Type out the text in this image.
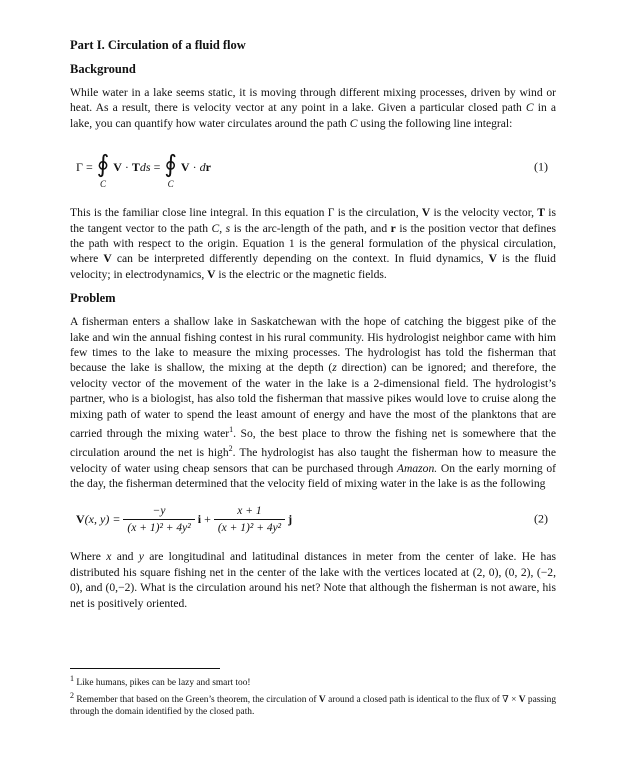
Part I. Circulation of a fluid flow
Background

While water in a lake seems static, it is moving through different mixing processes, driven by wind or heat. As a result, there is velocity vector at any point in a lake. Given a particular closed path C in a lake, you can quantify how water circulates around the path C using the following line integral:

Γ = ∮
C
V
·
T ds
= ∮
C
V
·
d r	(1)

This is the familiar close line integral. In this equation Γ is the circulation, V is the velocity vector, T is the tangent vector to the path C, s is the arc-length of the path, and r is the position vector that defines the path with respect to the origin. Equation 1 is the general formulation of the physical circulation, where V can be interpreted differently depending on the context. In fluid dynamics, V is the fluid velocity; in electrodynamics, V is the electric or the magnetic fields.

Problem

A fisherman enters a shallow lake in Saskatchewan with the hope of catching the biggest pike of the lake and win the annual fishing contest in his rural community. His hydrologist neighbor came with him few times to the lake to measure the mixing processes. The hydrologist has told the fisherman that because the lake is shallow, the mixing at the depth (z direction) can be ignored; and therefore, the velocity vector of the movement of the water in the lake is a 2-dimensional field. The hydrologist’s partner, who is a biologist, has also told the fisherman that massive pikes would love to cruise along the mixing path of water to spend the least amount of energy and have the most of the planktons that are carried through the mixing water$^1$. So, the best place to throw the fishing net is somewhere that the circulation around the net is high$^2$. The hydrologist has also taught the fisherman how to measure the velocity of water using cheap sensors that can be purchased through Amazon. On the early morning of the day, the fisherman determined that the velocity field of mixing water in the lake is as the following

V (x, $y) = \frac{-y}{\text{(x + 1)² + 4y²}}$ i
+ $\frac{x + 1}{\text{(x + 1)² + 4y²}}$ j	(2)

Where x and y are longitudinal and latitudinal distances in meter from the center of lake. He has distributed his square fishing net in the center of the lake with the vertices located at (2, 0), (0, 2), (−2, 0), and (0,−2). What is the circulation around his net? Note that although the fisherman is not aware, his net is positively oriented.

$^1$ Like humans, pikes can be lazy and smart too!

$^2$ Remember that based on the Green’s theorem, the circulation of V around a closed path is identical to the flux of ∇ × V passing through the domain identified by the closed path.
